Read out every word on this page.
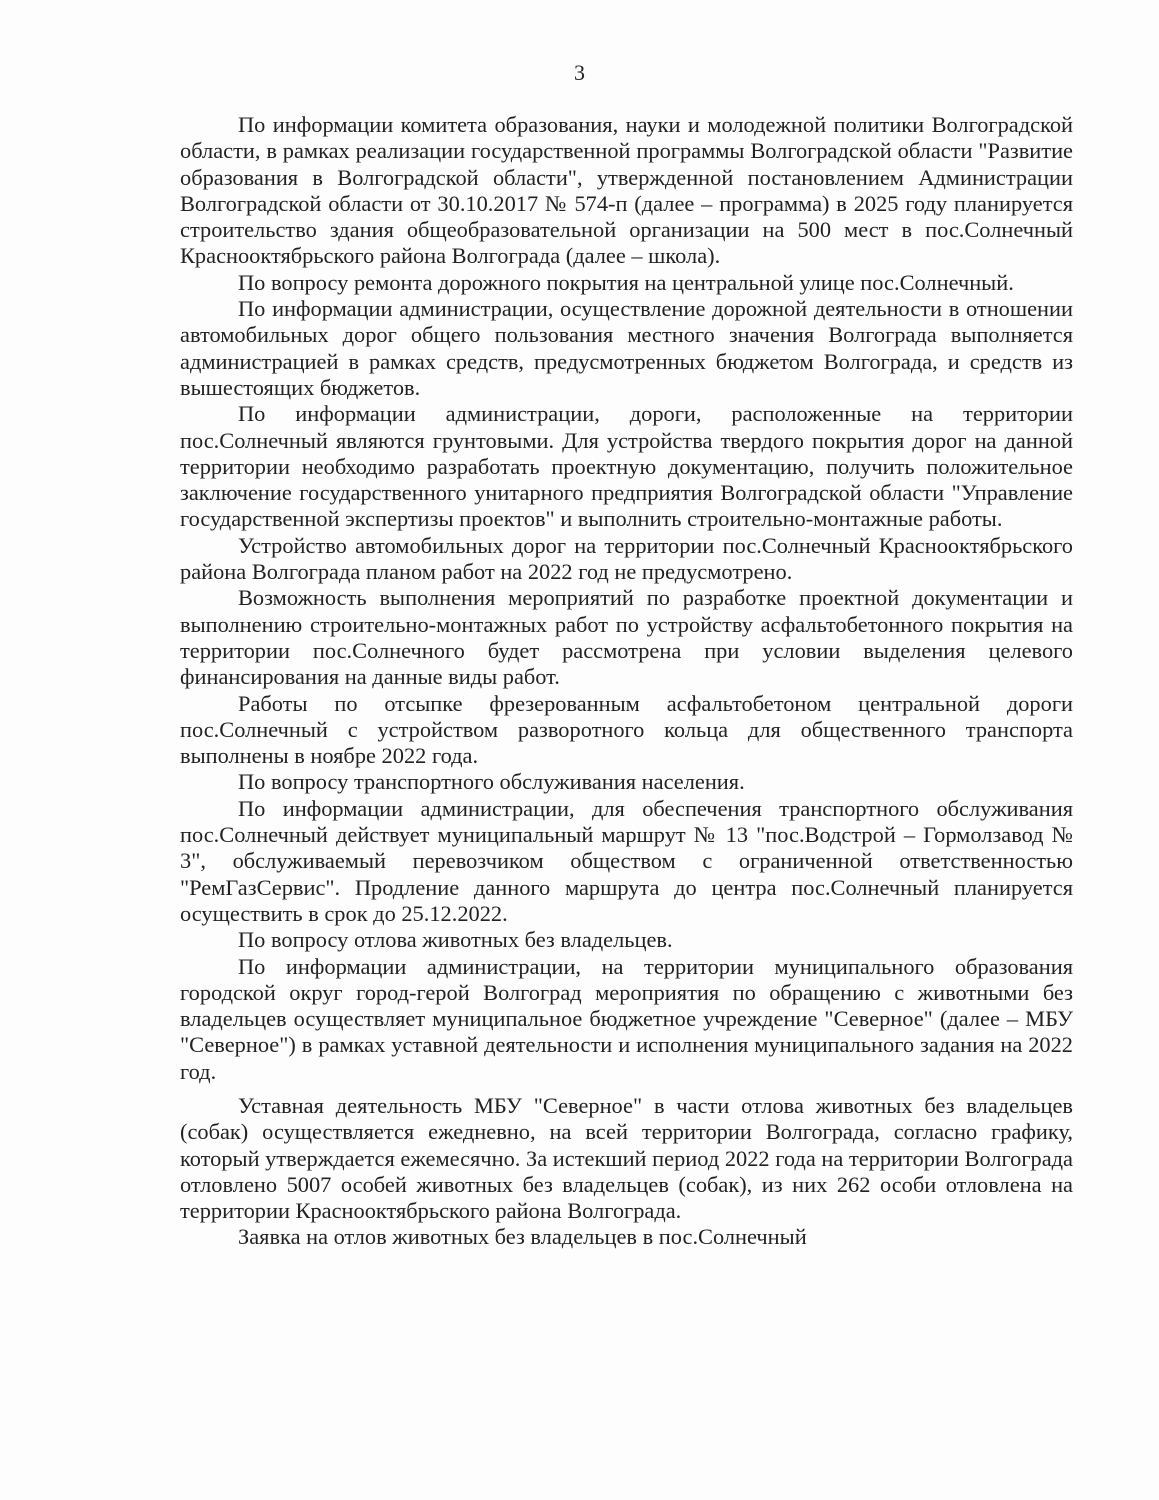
3

По информации комитета образования, науки и молодежной политики Волгоградской области, в рамках реализации государственной программы Волгоградской области "Развитие образования в Волгоградской области", утвержденной постановлением Администрации Волгоградской области от 30.10.2017 № 574-п (далее – программа) в 2025 году планируется строительство здания общеобразовательной организации на 500 мест в пос.Солнечный Краснооктябрьского района Волгограда (далее – школа).

По вопросу ремонта дорожного покрытия на центральной улице пос.Солнечный.

По информации администрации, осуществление дорожной деятельности в отношении автомобильных дорог общего пользования местного значения Волгограда выполняется администрацией в рамках средств, предусмотренных бюджетом Волгограда, и средств из вышестоящих бюджетов.

По информации администрации, дороги, расположенные на территории пос.Солнечный являются грунтовыми. Для устройства твердого покрытия дорог на данной территории необходимо разработать проектную документацию, получить положительное заключение государственного унитарного предприятия Волгоградской области "Управление государственной экспертизы проектов" и выполнить строительно-монтажные работы.

Устройство автомобильных дорог на территории пос.Солнечный Краснооктябрьского района Волгограда планом работ на 2022 год не предусмотрено.

Возможность выполнения мероприятий по разработке проектной документации и выполнению строительно-монтажных работ по устройству асфальтобетонного покрытия на территории пос.Солнечного будет рассмотрена при условии выделения целевого финансирования на данные виды работ.

Работы по отсыпке фрезерованным асфальтобетоном центральной дороги пос.Солнечный с устройством разворотного кольца для общественного транспорта выполнены в ноябре 2022 года.

По вопросу транспортного обслуживания населения.

По информации администрации, для обеспечения транспортного обслуживания пос.Солнечный действует муниципальный маршрут № 13 "пос.Водстрой – Гормолзавод № 3", обслуживаемый перевозчиком обществом с ограниченной ответственностью "РемГазСервис". Продление данного маршрута до центра пос.Солнечный планируется осуществить в срок до 25.12.2022.

По вопросу отлова животных без владельцев.

По информации администрации, на территории муниципального образования городской округ город-герой Волгоград мероприятия по обращению с животными без владельцев осуществляет муниципальное бюджетное учреждение "Северное" (далее – МБУ "Северное") в рамках уставной деятельности и исполнения муниципального задания на 2022 год.

Уставная деятельность МБУ "Северное" в части отлова животных без владельцев (собак) осуществляется ежедневно, на всей территории Волгограда, согласно графику, который утверждается ежемесячно. За истекший период 2022 года на территории Волгограда отловлено 5007 особей животных без владельцев (собак), из них 262 особи отловлена на территории Краснооктябрьского района Волгограда.

Заявка на отлов животных без владельцев в пос.Солнечный
